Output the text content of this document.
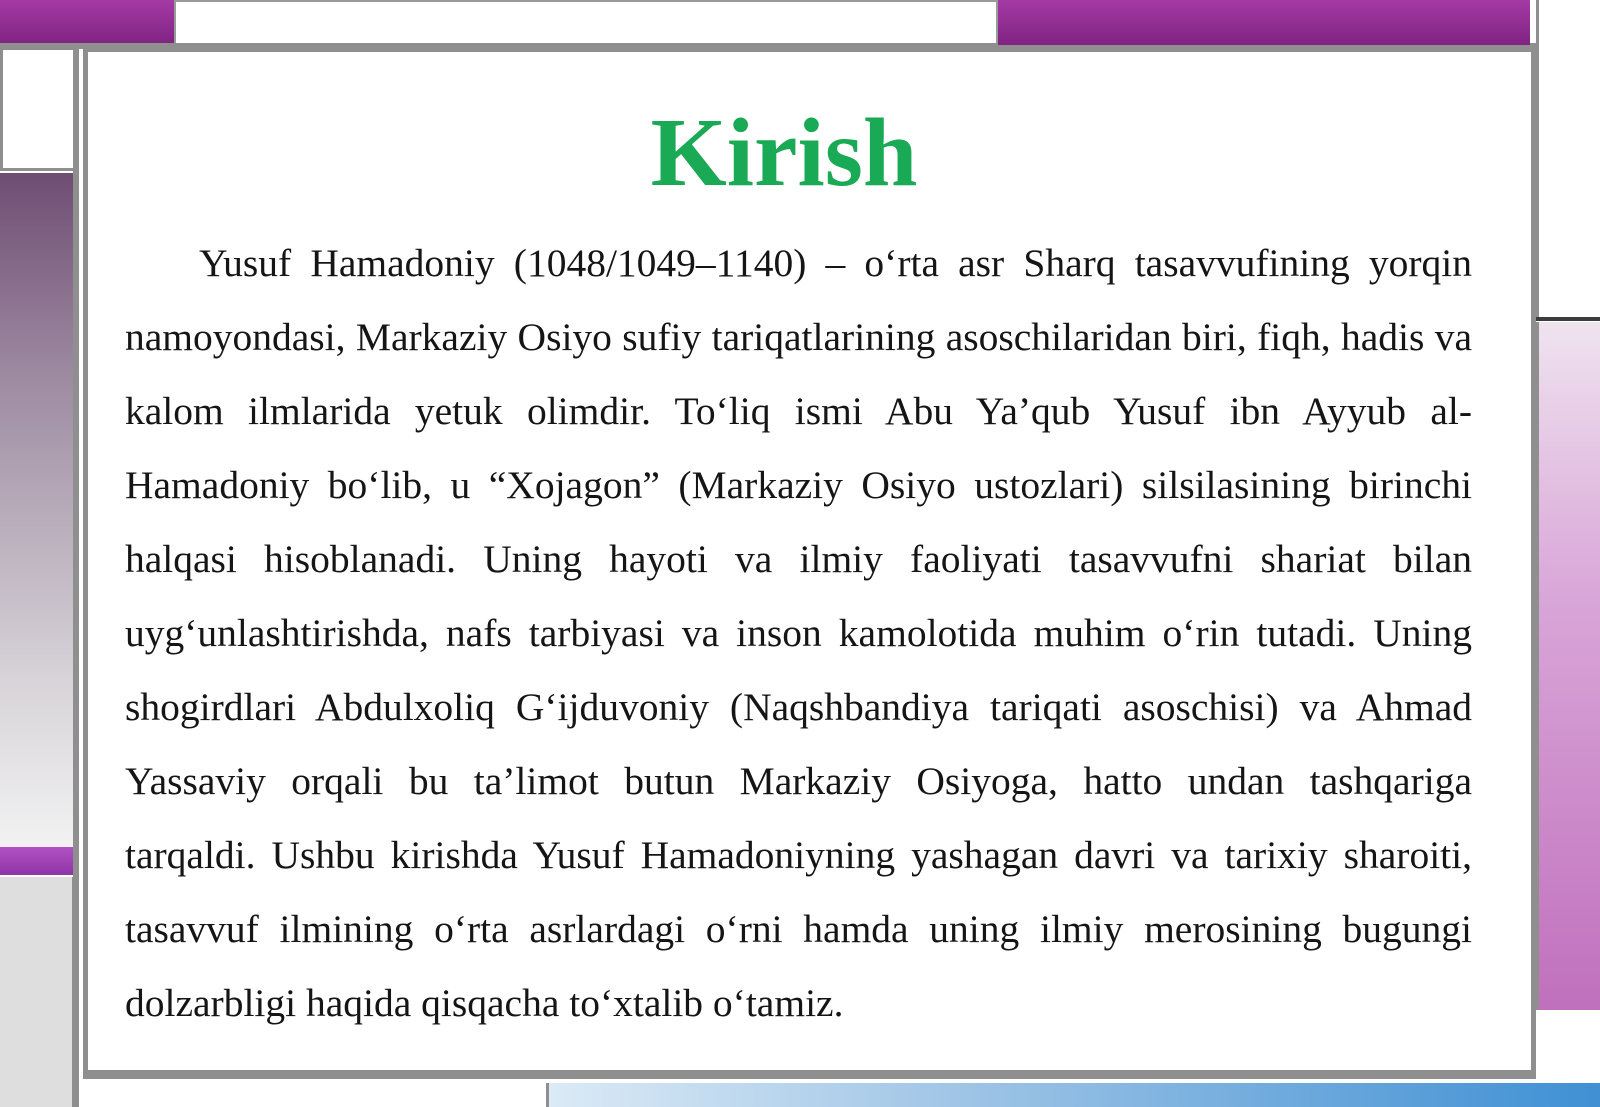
Kirish

Yusuf Hamadoniy (1048/1049–1140) – o‘rta asr Sharq tasavvufining yorqin namoyondasi, Markaziy Osiyo sufiy tariqatlarining asoschilaridan biri, fiqh, hadis va kalom ilmlarida yetuk olimdir. To‘liq ismi Abu Ya’qub Yusuf ibn Ayyub al-Hamadoniy bo‘lib, u “Xojagon” (Markaziy Osiyo ustozlari) silsilasining birinchi halqasi hisoblanadi. Uning hayoti va ilmiy faoliyati tasavvufni shariat bilan uyg‘unlashtirishda, nafs tarbiyasi va inson kamolotida muhim o‘rin tutadi. Uning shogirdlari Abdulxoliq G‘ijduvoniy (Naqshbandiya tariqati asoschisi) va Ahmad Yassaviy orqali bu ta’limot butun Markaziy Osiyoga, hatto undan tashqariga tarqaldi. Ushbu kirishda Yusuf Hamadoniyning yashagan davri va tarixiy sharoiti, tasavvuf ilmining o‘rta asrlardagi o‘rni hamda uning ilmiy merosining bugungi dolzarbligi haqida qisqacha to‘xtalib o‘tamiz.
